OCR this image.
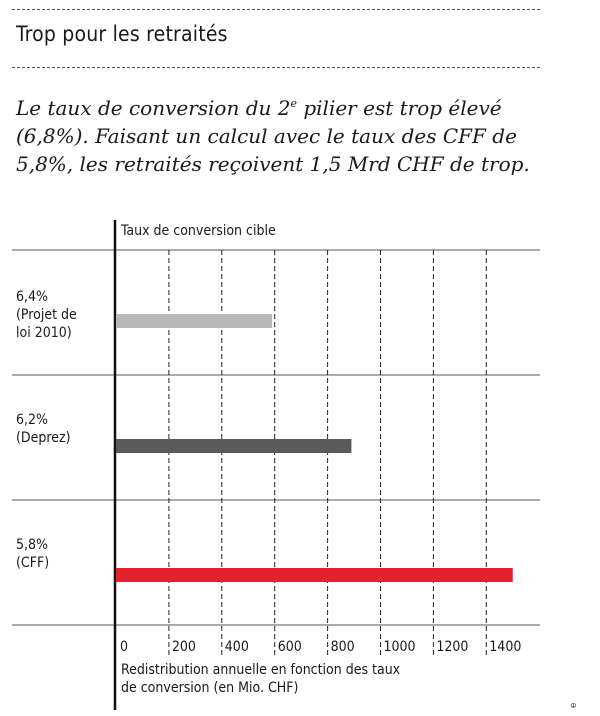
Trop pour les retraités
Le taux de conversion du 2e pilier est trop élevé (6,8%). Faisant un calcul avec le taux des CFF de 5,8%, les retraités reçoivent 1,5 Mrd CHF de trop.
Taux de conversion cible
6,4%
(Projet de
loi 2010)
6,2%
(Deprez)
5,8%
(CFF)
0	200 400 600 800 1000 1200 1400
Redistribution annuelle en fonction des taux
de conversion (en Mio. CHF)
$^e$
